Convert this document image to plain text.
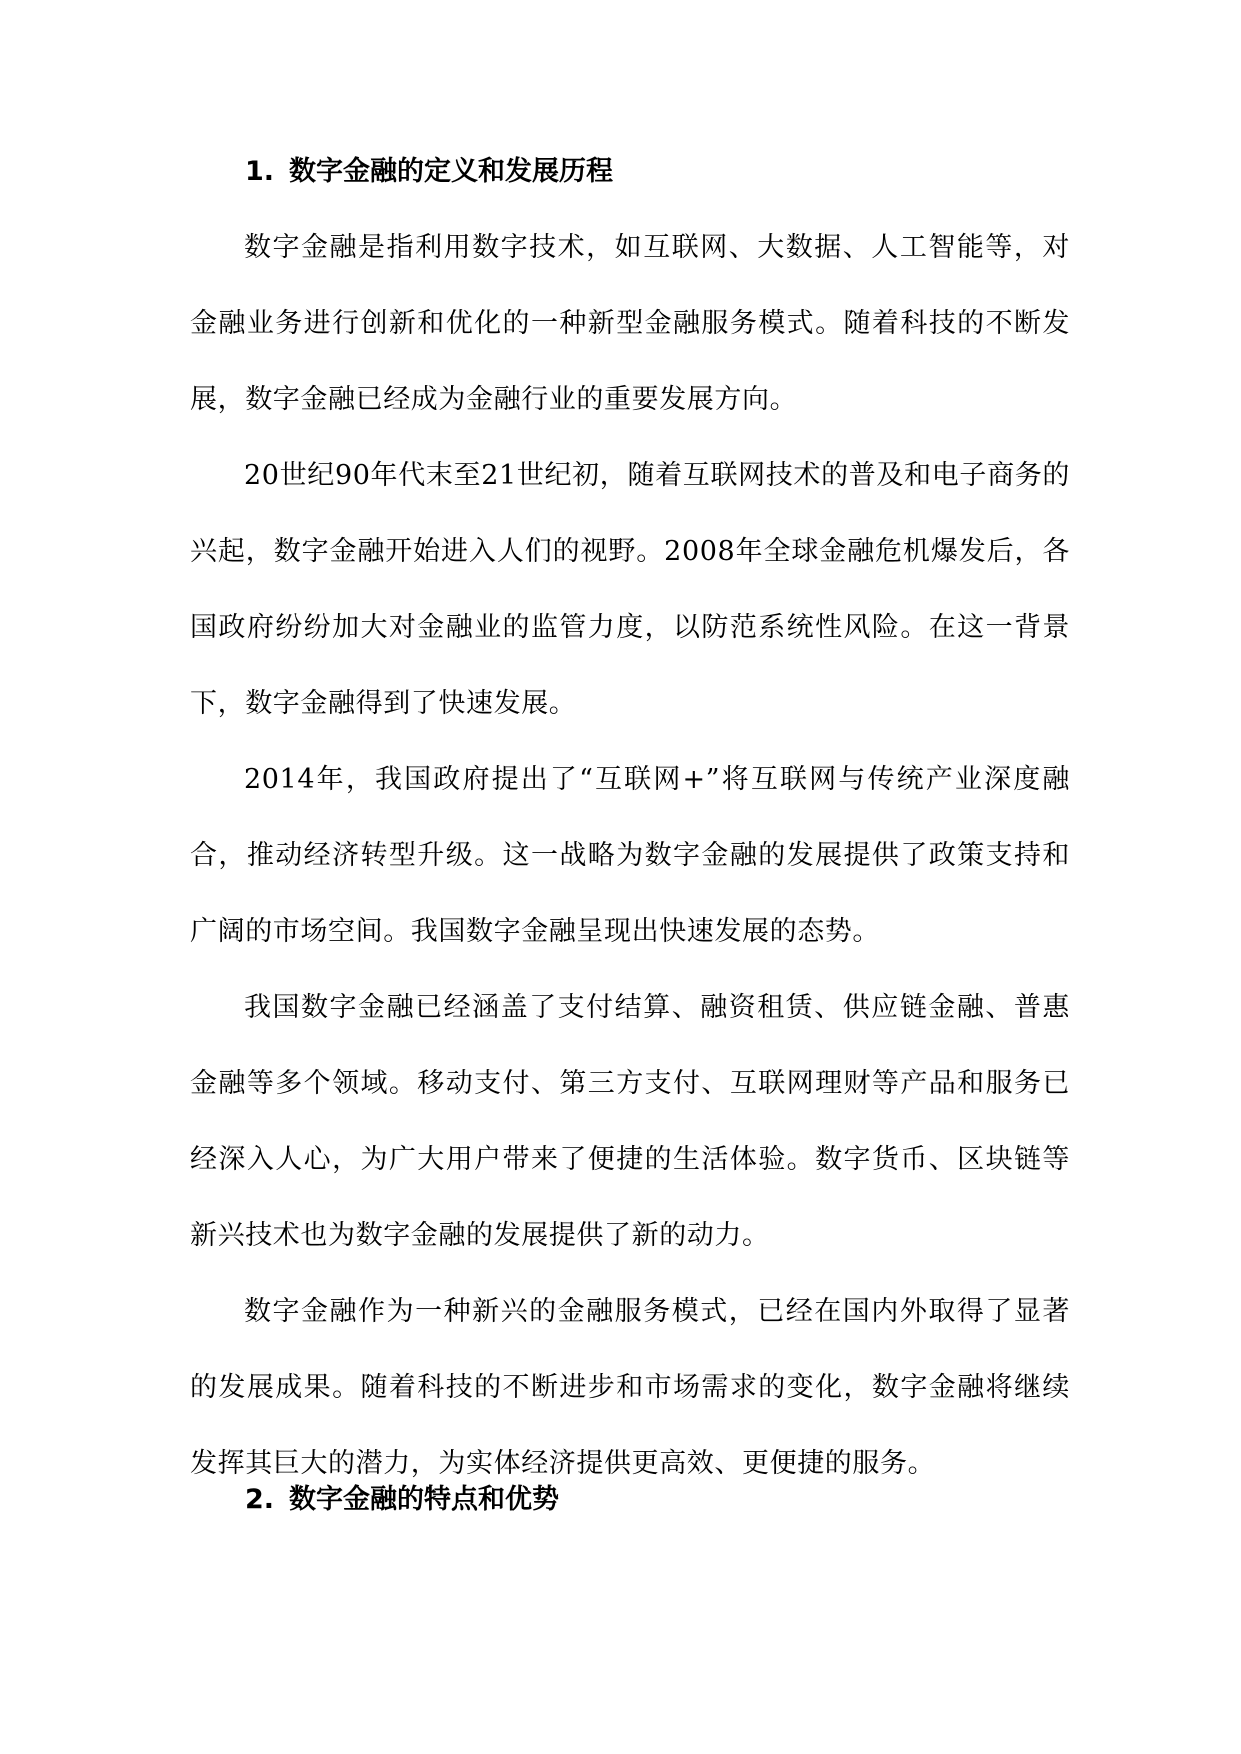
1. 数字金融的定义和发展历程

数字金融是指利用数字技术，如互联网、大数据、人工智能等，对金融业务进行创新和优化的一种新型金融服务模式。随着科技的不断发展，数字金融已经成为金融行业的重要发展方向。

20世纪90年代末至21世纪初，随着互联网技术的普及和电子商务的兴起，数字金融开始进入人们的视野。2008年全球金融危机爆发后，各国政府纷纷加大对金融业的监管力度，以防范系统性风险。在这一背景下，数字金融得到了快速发展。

2014年，我国政府提出了“互联网+”将互联网与传统产业深度融合，推动经济转型升级。这一战略为数字金融的发展提供了政策支持和广阔的市场空间。我国数字金融呈现出快速发展的态势。

我国数字金融已经涵盖了支付结算、融资租赁、供应链金融、普惠金融等多个领域。移动支付、第三方支付、互联网理财等产品和服务已经深入人心，为广大用户带来了便捷的生活体验。数字货币、区块链等新兴技术也为数字金融的发展提供了新的动力。

数字金融作为一种新兴的金融服务模式，已经在国内外取得了显著的发展成果。随着科技的不断进步和市场需求的变化，数字金融将继续发挥其巨大的潜力，为实体经济提供更高效、更便捷的服务。

2. 数字金融的特点和优势
